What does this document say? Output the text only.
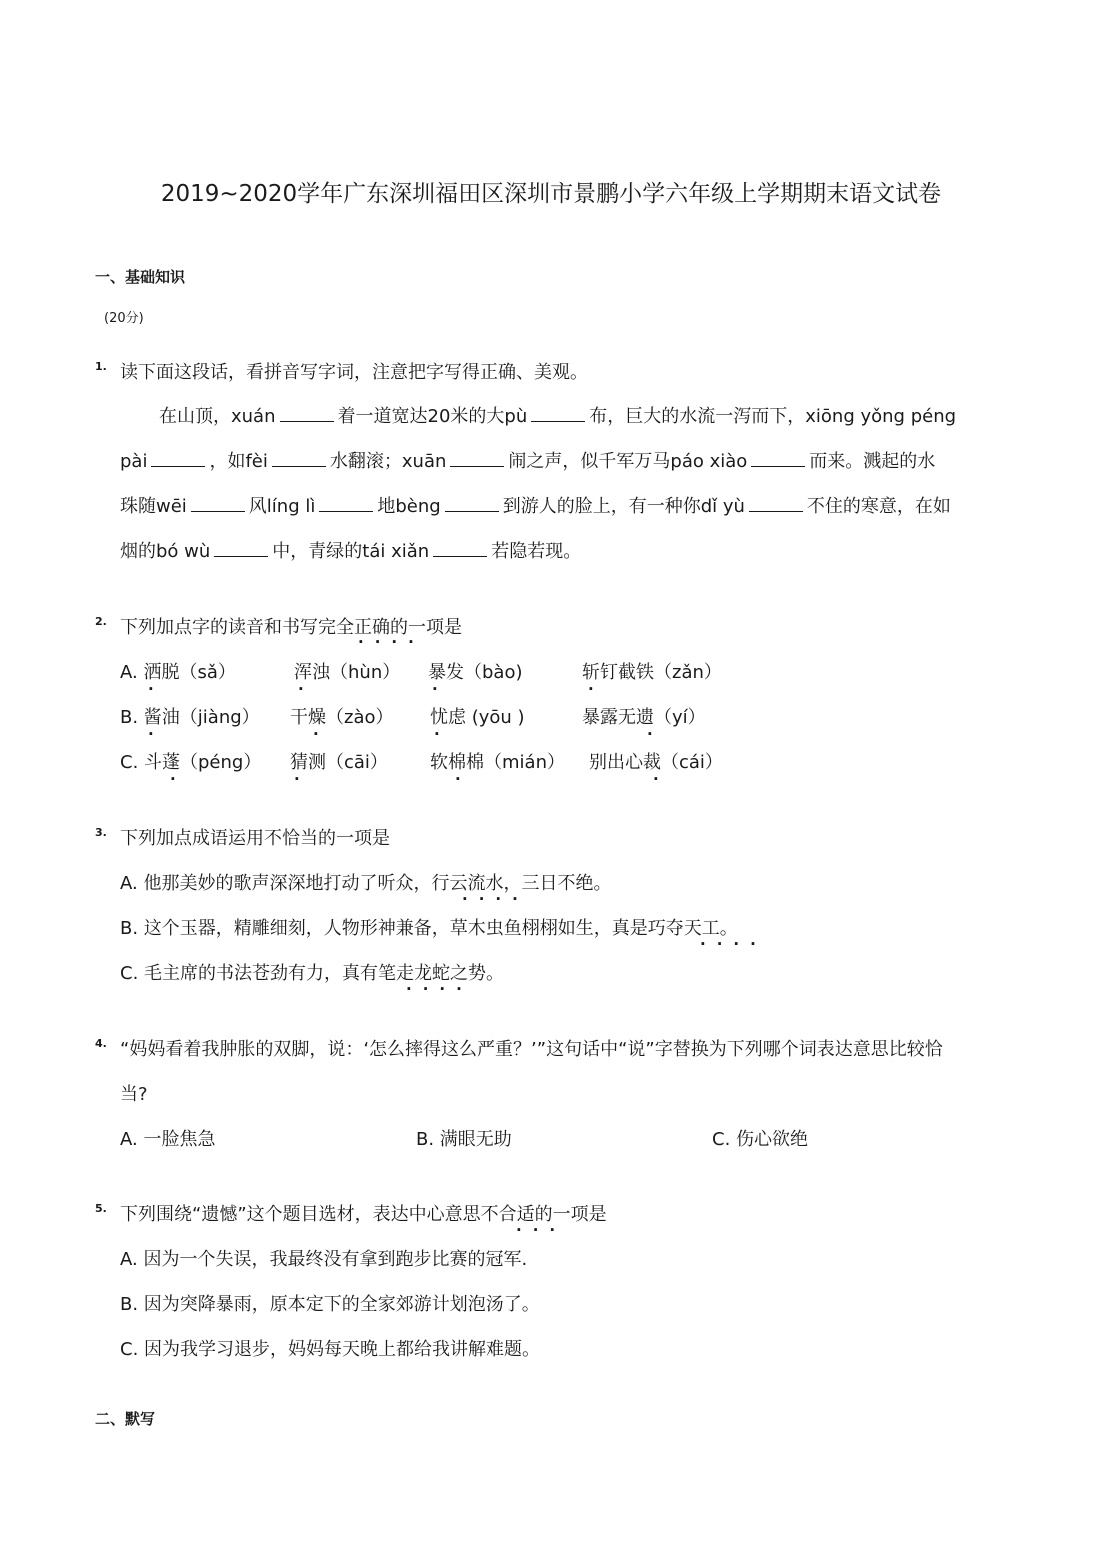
2019~2020学年广东深圳福田区深圳市景鹏小学六年级上学期期末语文试卷
一、基础知识
(20分)
1. 读下面这段话，看拼音写字词，注意把字写得正确、美观。
在山顶，xuán	着一道宽达20米的大pù	布，巨大的水流一泻而下，xiōng yǒng péng
pài	，如fèi	水翻滚；xuān	闹之声，似千军万马páo xiào	而来。溅起的水
珠随wēi	风líng lì	地bèng	到游人的脸上，有一种你dǐ yù	不住的寒意，在如
烟的bó wù	中，青绿的tái xiǎn	若隐若现。
2. 下列加点字的读音和书写完全正确的一项是
····
A. 洒脱（sǎ）	浑浊（hùn） 暴发（bào)	斩钉截铁（zǎn）
·	·	·	·
B. 酱油（jiàng） 干燥（zào） 忧虑 (yōu )	暴露无遗（yí）
·	·	·	·
C. 斗蓬（péng） 猜测（cāi） 软棉棉（mián） 别出心裁（cái）
·	·	·	·
3. 下列加点成语运用不恰当的一项是
A. 他那美妙的歌声深深地打动了听众，行云流水，三日不绝。
····
B. 这个玉器，精雕细刻，人物形神兼备，草木虫鱼栩栩如生，真是巧夺天工。
····
C. 毛主席的书法苍劲有力，真有笔走龙蛇之势。
····
4. “妈妈看着我肿胀的双脚，说：‘怎么摔得这么严重？’”这句话中“说”字替换为下列哪个词表达意思比较恰
当?
A. 一脸焦急	B. 满眼无助	C. 伤心欲绝
5. 下列围绕“遗憾”这个题目选材，表达中心意思不合适的一项是
···
A. 因为一个失误，我最终没有拿到跑步比赛的冠军.
B. 因为突降暴雨，原本定下的全家郊游计划泡汤了。
C. 因为我学习退步，妈妈每天晚上都给我讲解难题。
二、默写
